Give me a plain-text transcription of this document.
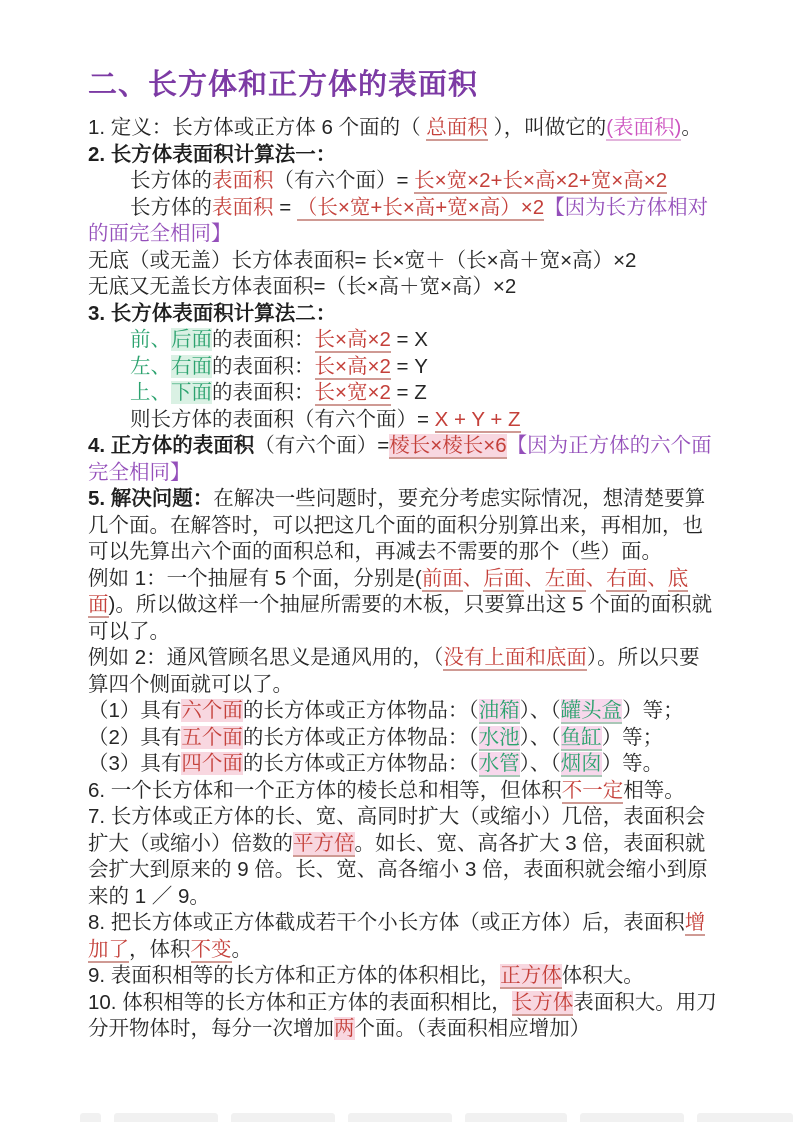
二、长方体和正方体的表面积

1. 定义：长方体或正方体 6 个面的（ 总面积 ），叫做它的(表面积)。

2. 长方体表面积计算法一：

长方体的表面积（有六个面）= 长×宽×2+长×高×2+宽×高×2

长方体的表面积 = （长×宽+长×高+宽×高）×2【因为长方体相对的面完全相同】

无底（或无盖）长方体表面积= 长×宽＋（长×高＋宽×高）×2

无底又无盖长方体表面积=（长×高＋宽×高）×2

3. 长方体表面积计算法二：

前、后面的表面积：长×高×2 = X

左、右面的表面积：长×高×2 = Y

上、下面的表面积：长×宽×2 = Z

则长方体的表面积（有六个面）= X + Y + Z

4. 正方体的表面积（有六个面）=棱长×棱长×6【因为正方体的六个面完全相同】

5. 解决问题：在解决一些问题时，要充分考虑实际情况，想清楚要算几个面。在解答时，可以把这几个面的面积分别算出来，再相加，也可以先算出六个面的面积总和，再减去不需要的那个（些）面。

例如 1：一个抽屉有 5 个面，分别是(前面、后面、左面、右面、底面)。所以做这样一个抽屉所需要的木板，只要算出这 5 个面的面积就可以了。

例如 2：通风管顾名思义是通风用的，（没有上面和底面）。所以只要算四个侧面就可以了。

（1）具有六个面的长方体或正方体物品：（油箱）、（罐头盒）等；

（2）具有五个面的长方体或正方体物品：（水池）、（鱼缸）等；

（3）具有四个面的长方体或正方体物品：（水管）、（烟囱）等。

6. 一个长方体和一个正方体的棱长总和相等，但体积不一定相等。

7. 长方体或正方体的长、宽、高同时扩大（或缩小）几倍，表面积会扩大（或缩小）倍数的平方倍。如长、宽、高各扩大 3 倍，表面积就会扩大到原来的 9 倍。长、宽、高各缩小 3 倍，表面积就会缩小到原来的 1 ／ 9。

8. 把长方体或正方体截成若干个小长方体（或正方体）后，表面积增加了，体积不变。

9. 表面积相等的长方体和正方体的体积相比，正方体体积大。

10. 体积相等的长方体和正方体的表面积相比，长方体表面积大。用刀分开物体时，每分一次增加两个面。（表面积相应增加）
